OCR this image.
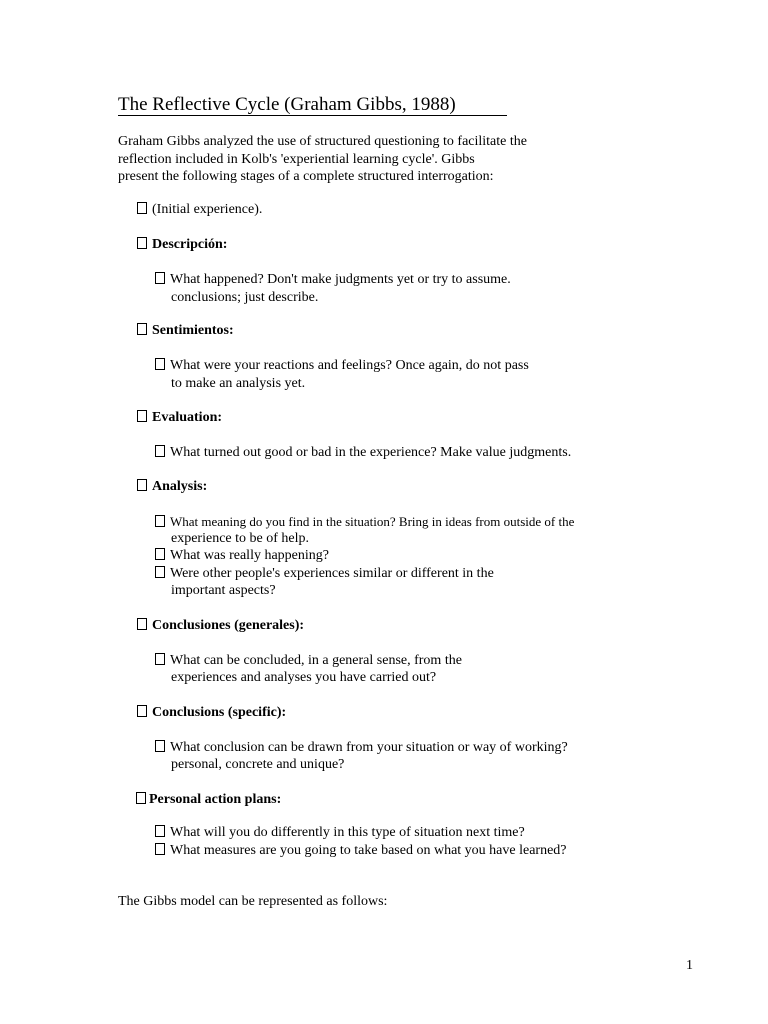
The Reflective Cycle (Graham Gibbs, 1988)
Graham Gibbs analyzed the use of structured questioning to facilitate the
reflection included in Kolb's 'experiential learning cycle'. Gibbs
present the following stages of a complete structured interrogation:
(Initial experience).
Descripción:
What happened? Don't make judgments yet or try to assume.
conclusions; just describe.
Sentimientos:
What were your reactions and feelings? Once again, do not pass
to make an analysis yet.
Evaluation:
What turned out good or bad in the experience? Make value judgments.
Analysis:
What meaning do you find in the situation? Bring in ideas from outside of the
experience to be of help.
What was really happening?
Were other people's experiences similar or different in the
important aspects?
Conclusiones (generales):
What can be concluded, in a general sense, from the
experiences and analyses you have carried out?
Conclusions (specific):
What conclusion can be drawn from your situation or way of working?
personal, concrete and unique?
Personal action plans:
What will you do differently in this type of situation next time?
What measures are you going to take based on what you have learned?
The Gibbs model can be represented as follows:
1
